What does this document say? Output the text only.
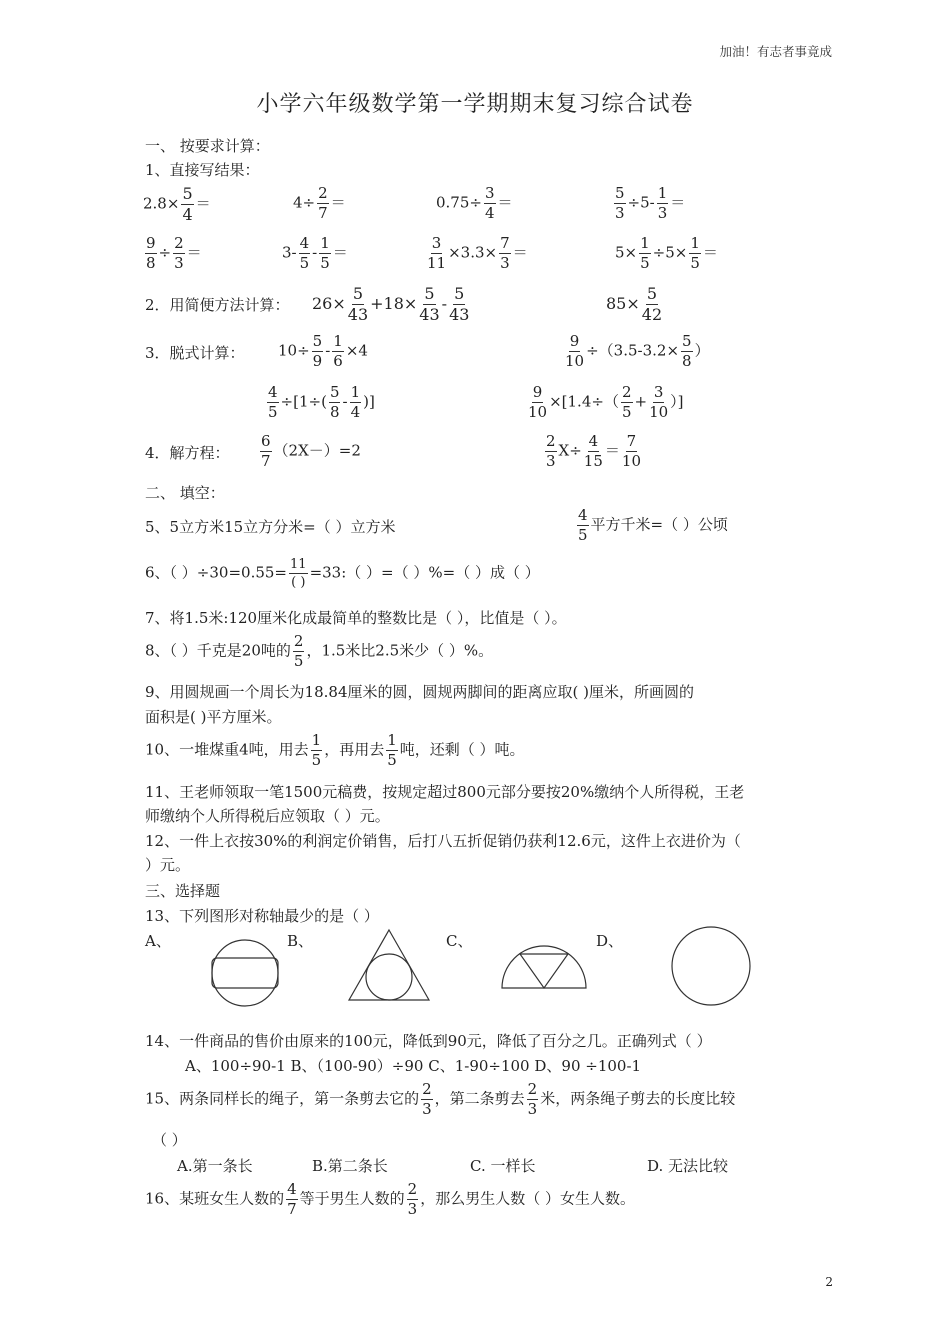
加油！有志者事竟成
小学六年级数学第一学期期末复习综合试卷
一、 按要求计算：
1、直接写结果：
$2.8\times \frac{5}{4}$ ＝	$4\div \frac{2}{7}$ ＝	$0.75\div \frac{3}{4}$ ＝	$\frac{5}{3} \div 5- \frac{1}{3}$ ＝
$\frac{9}{8} \div \frac{2}{3}$ ＝	$3- \frac{4}{5} - \frac{1}{5}$ ＝	$\frac{3}{11} \times 3.3\times \frac{7}{3}$ ＝	$5\times \frac{1}{5} \div 5\times \frac{1}{5}$ ＝
2．用简便方法计算： $26\times \frac{5}{43} +18\times \frac{5}{43} - \frac{5}{43}$	$85\times \frac{5}{42}$
3．脱式计算： $10\div \frac{5}{9} - \frac{1}{6} \times 4$	$\frac{9}{10} \div(3.5-3.2\times \frac{5}{8}$ ）
$\frac{4}{5} \div[1\div( \frac{5}{8} - \frac{1}{4}$ )]	$\frac{9}{10} \times[1.4\div( \frac{2}{5} + \frac{3}{10}$ ）]
4．解方程： $\frac{6}{7} (2X-)=2$	$\frac{2}{3} X\div \frac{4}{15} = \frac{7}{10}$
二、 填空：
5、5立方米15立方分米=（ ）立方米	$\frac{4}{5}$ 平方千米=（ ）公顷
6、（ ）$\div 30=0.55= \frac{11}{( )}$ =33:（ ）=（ ）%=（ ）成（ ）
7、将1.5米:120厘米化成最简单的整数比是（ ），比值是（ ）。
8、（ ）千克是20吨的 $\frac{2}{5}$ ，1.5米比2.5米少（ ）%。
9、用圆规画一个周长为18.84厘米的圆，圆规两脚间的距离应取( )厘米，所画圆的
面积是( )平方厘米。
10、一堆煤重4吨，用去 $\frac{1}{5}$ ，再用去 $\frac{1}{5}$ 吨，还剩（ ）吨。
11、王老师领取一笔1500元稿费，按规定超过800元部分要按20%缴纳个人所得税，王老
师缴纳个人所得税后应领取（ ）元。
12、一件上衣按30%的利润定价销售，后打八五折促销仍获利12.6元，这件上衣进价为（
）元。
三、选择题
13、下列图形对称轴最少的是（ ）
A、	B、	C、	D、
14、一件商品的售价由原来的100元，降低到90元，降低了百分之几。正确列式（ ）
A、100÷90-1 B、（100-90）÷90 C、1-90÷100 D、90 ÷100-1
15、两条同样长的绳子，第一条剪去它的 $\frac{2}{3}$ ，第二条剪去 $\frac{2}{3}$ 米，两条绳子剪去的长度比较
（ ）
A.第一条长	B.第二条长	C. 一样长	D. 无法比较
16、某班女生人数的 $\frac{4}{7}$ 等于男生人数的 $\frac{2}{3}$ ，那么男生人数（ ）女生人数。
2
